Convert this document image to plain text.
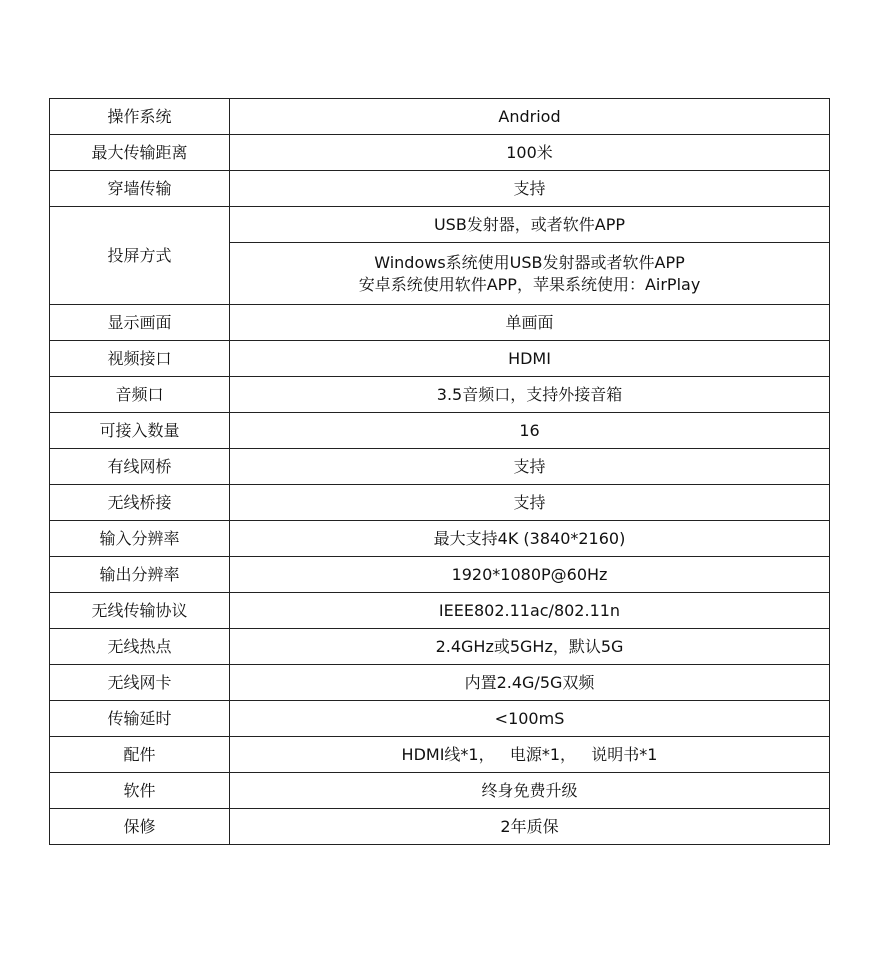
操作系统	Andriod
最大传输距离	100米
穿墙传输	支持
投屏方式	USB发射器，或者软件APP

	Windows系统使用USB发射器或者软件APP
安卓系统使用软件APP，苹果系统使用：AirPlay

显示画面	单画面
视频接口	HDMI
音频口	3.5音频口，支持外接音箱
可接入数量	16
有线网桥	支持
无线桥接	支持
输入分辨率	最大支持4K (3840*2160)
输出分辨率	1920*1080P@60Hz
无线传输协议	IEEE802.11ac/802.11n
无线热点	2.4GHz或5GHz，默认5G
无线网卡	内置2.4G/5G双频
传输延时	<100mS
配件	HDMI线*1，   电源*1，   说明书*1
软件	终身免费升级
保修	2年质保
